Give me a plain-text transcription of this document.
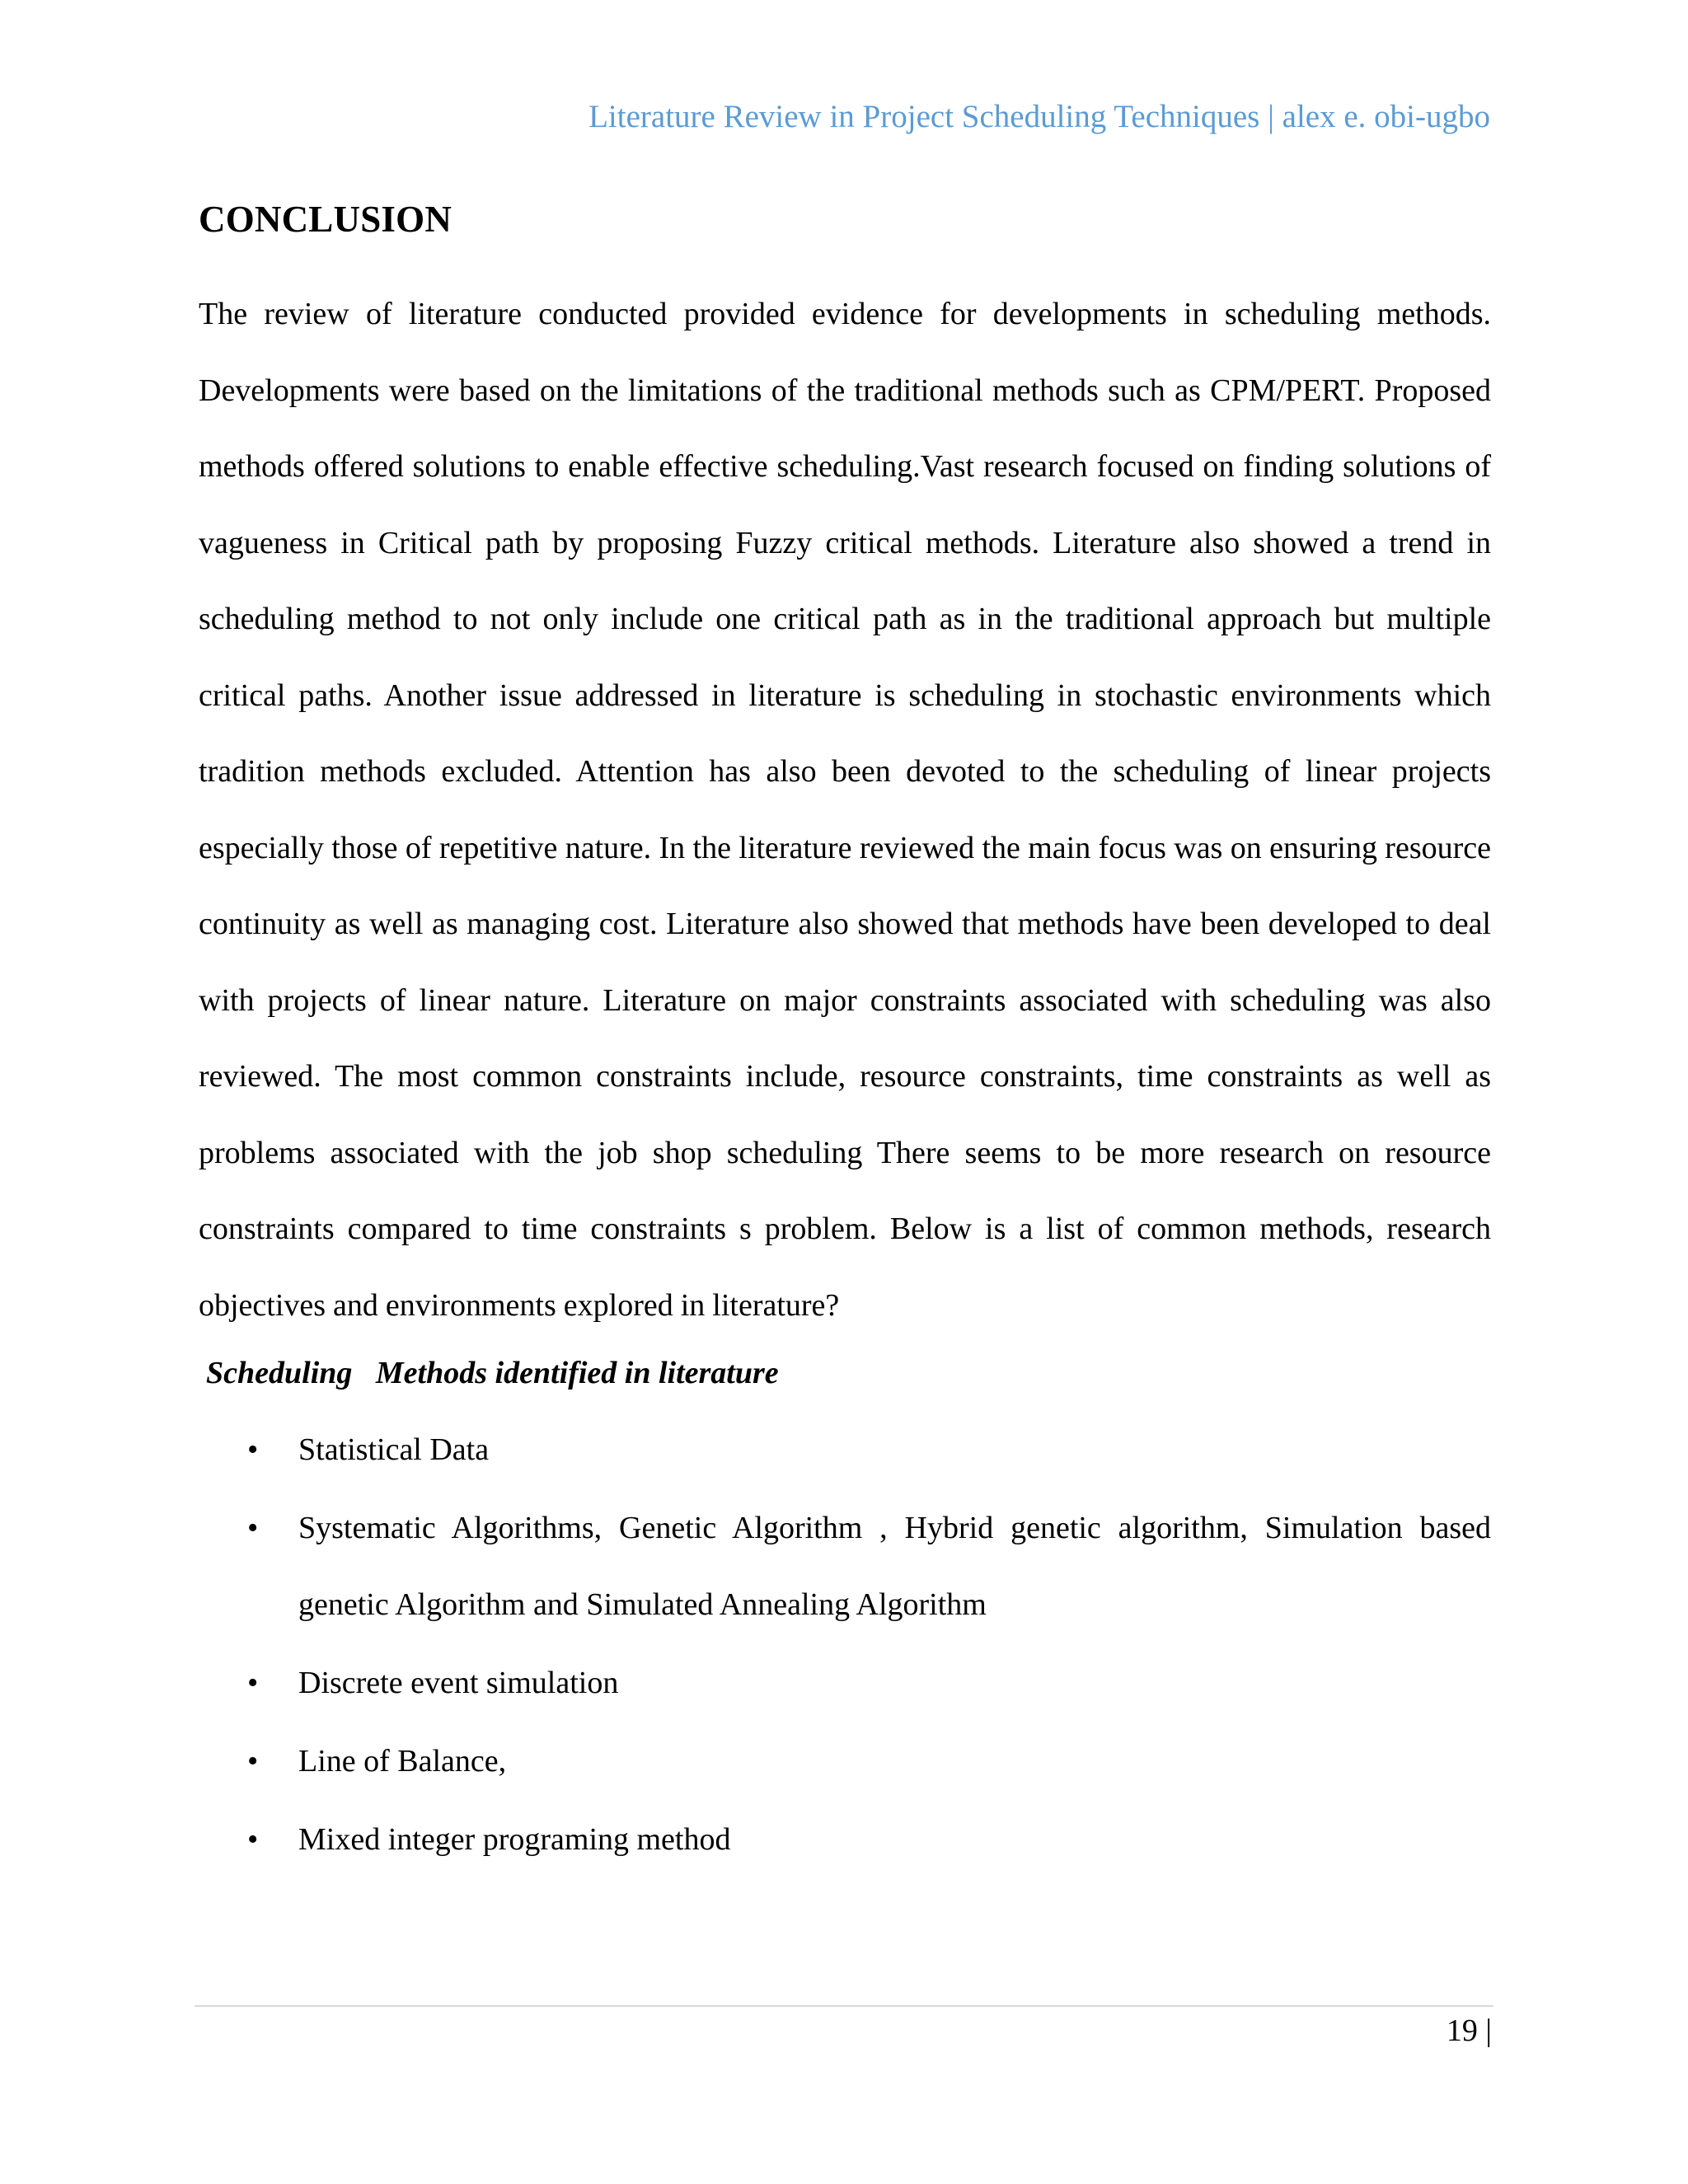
Literature Review in Project Scheduling Techniques | alex e. obi-ugbo
CONCLUSION

The review of literature conducted provided evidence for developments in scheduling methods. Developments were based on the limitations of the traditional methods such as CPM/PERT. Proposed methods offered solutions to enable effective scheduling.Vast research focused on finding solutions of vagueness in Critical path by proposing Fuzzy critical methods. Literature also showed a trend in scheduling method to not only include one critical path as in the traditional approach but multiple critical paths. Another issue addressed in literature is scheduling in stochastic environments which tradition methods excluded. Attention has also been devoted to the scheduling of linear projects especially those of repetitive nature. In the literature reviewed the main focus was on ensuring resource continuity as well as managing cost. Literature also showed that methods have been developed to deal with projects of linear nature. Literature on major constraints associated with scheduling was also reviewed. The most common constraints include, resource constraints, time constraints as well as problems associated with the job shop scheduling There seems to be more research on resource constraints compared to time constraints s problem. Below is a list of common methods, research objectives and environments explored in literature?

Scheduling   Methods identified in literature

• Statistical Data
• Systematic Algorithms, Genetic Algorithm , Hybrid genetic algorithm, Simulation based genetic Algorithm and Simulated Annealing Algorithm
• Discrete event simulation
• Line of Balance,
• Mixed integer programing method
19 |
